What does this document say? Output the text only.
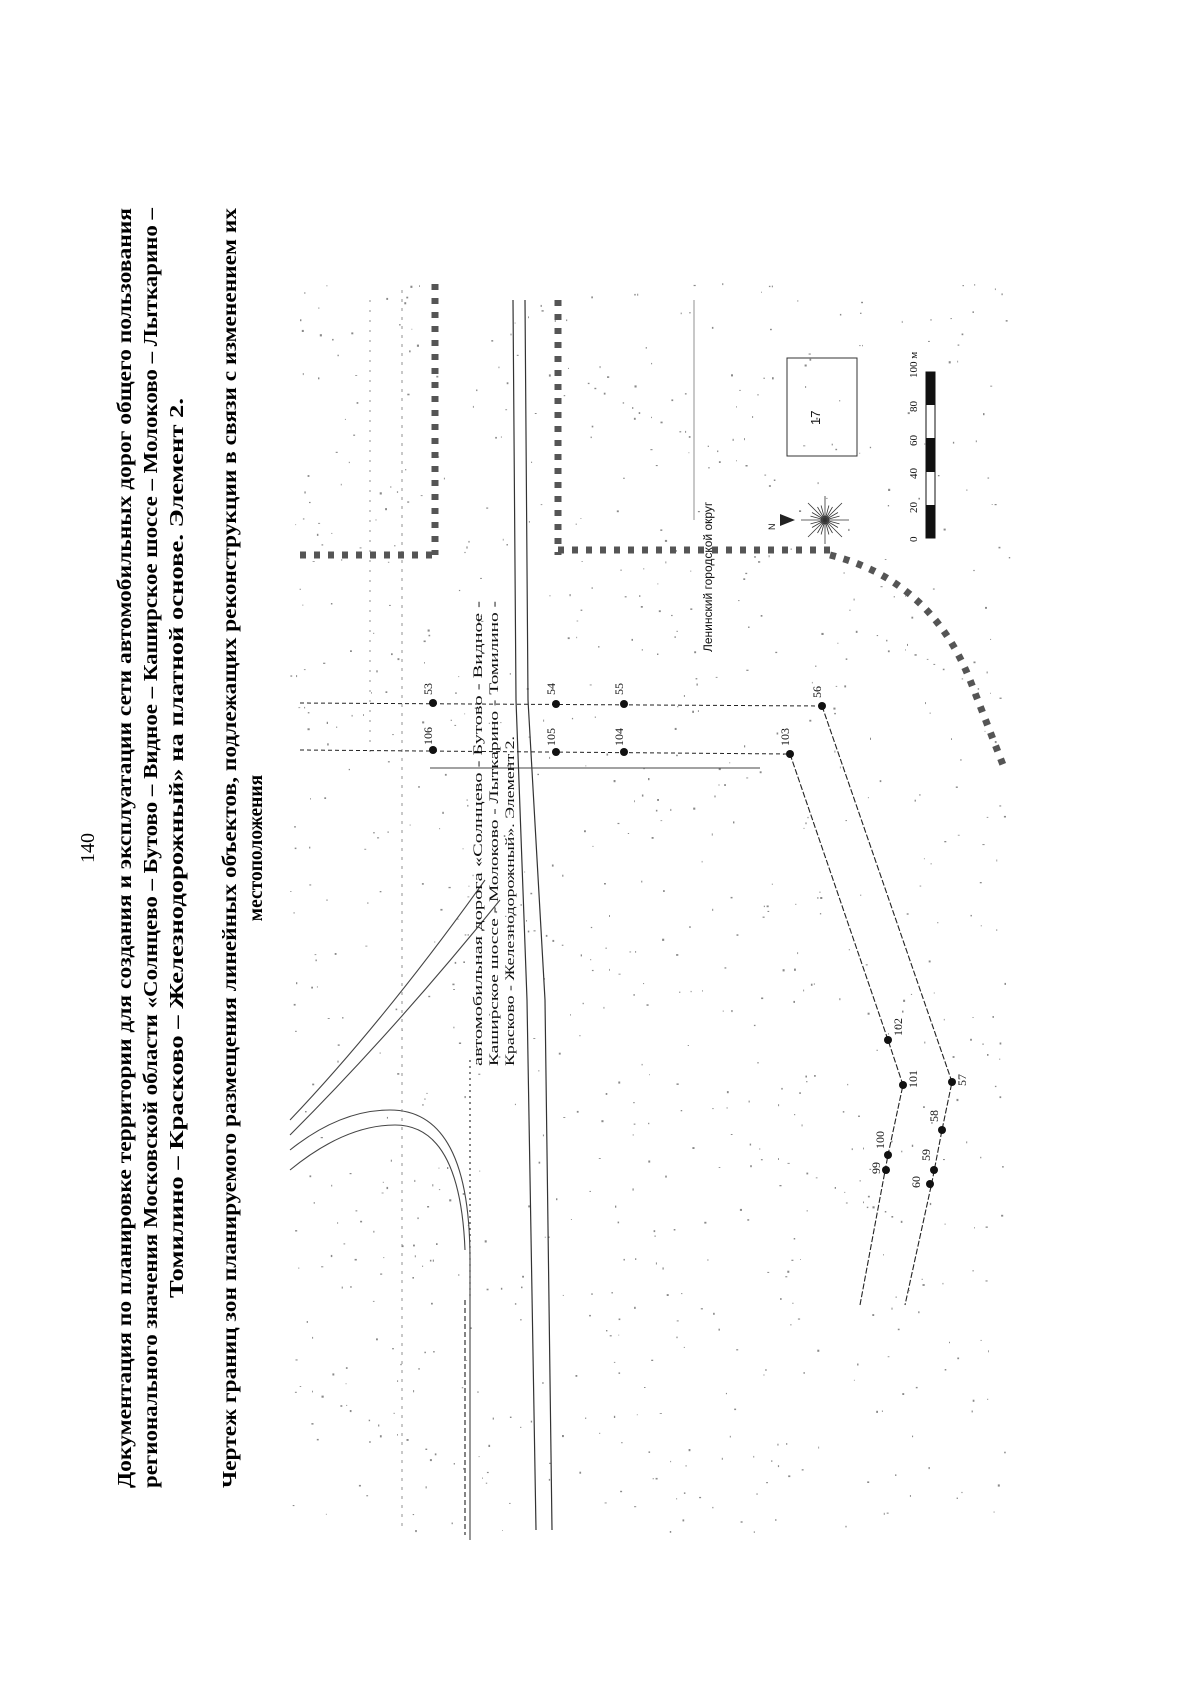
140 Документация по планировке территории для создания и эксплуатации сети автомобильных дорог общего пользования регионального значения Московской области «Солнцево – Бутово – Видное – Каширское шоссе – Молоково – Лыткарино – Томилино – Красково – Железнодорожный» на платной основе. Элемент 2. Чертеж границ зон планируемого размещения линейных объектов, подлежащих реконструкции в связи с изменением их местоположения
53	54	55	56
57
58
59
60
99
100
101
102
103
104
105
106
автомобильная дорога «Солнцево - Бутово - Видное - Каширское шоссе - Молоково - Лыткарино - Томилино - Красково - Железнодорожный». Элемент 2.
Ленинский городской округ
17
N
0
20
40
60
80
100 м
